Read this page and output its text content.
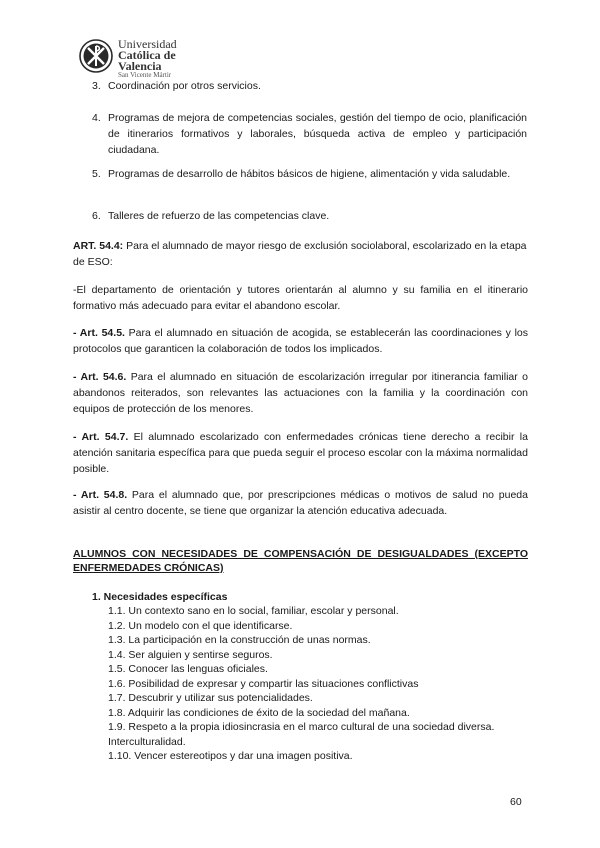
Universidad
Católica de
Valencia
San Vicente Mártir
3. Coordinación por otros servicios.
4. Programas de mejora de competencias sociales, gestión del tiempo de ocio, planificación de itinerarios formativos y laborales, búsqueda activa de empleo y participación ciudadana.
5. Programas de desarrollo de hábitos básicos de higiene, alimentación y vida saludable.
6. Talleres de refuerzo de las competencias clave.
ART. 54.4: Para el alumnado de mayor riesgo de exclusión sociolaboral, escolarizado en la etapa de ESO:
-El departamento de orientación y tutores orientarán al alumno y su familia en el itinerario formativo más adecuado para evitar el abandono escolar.
- Art. 54.5. Para el alumnado en situación de acogida, se establecerán las coordinaciones y los protocolos que garanticen la colaboración de todos los implicados.
- Art. 54.6. Para el alumnado en situación de escolarización irregular por itinerancia familiar o abandonos reiterados, son relevantes las actuaciones con la familia y la coordinación con equipos de protección de los menores.
- Art. 54.7. El alumnado escolarizado con enfermedades crónicas tiene derecho a recibir la atención sanitaria específica para que pueda seguir el proceso escolar con la máxima normalidad posible.
- Art. 54.8. Para el alumnado que, por prescripciones médicas o motivos de salud no pueda asistir al centro docente, se tiene que organizar la atención educativa adecuada.
ALUMNOS CON NECESIDADES DE COMPENSACIÓN DE DESIGUALDADES (EXCEPTO ENFERMEDADES CRÓNICAS)
1. Necesidades específicas
1.1. Un contexto sano en lo social, familiar, escolar y personal.
1.2. Un modelo con el que identificarse.
1.3. La participación en la construcción de unas normas.
1.4. Ser alguien y sentirse seguros.
1.5. Conocer las lenguas oficiales.
1.6. Posibilidad de expresar y compartir las situaciones conflictivas
1.7. Descubrir y utilizar sus potencialidades.
1.8. Adquirir las condiciones de éxito de la sociedad del mañana.
1.9. Respeto a la propia idiosincrasia en el marco cultural de una sociedad diversa. Interculturalidad.
1.10. Vencer estereotipos y dar una imagen positiva.
60
